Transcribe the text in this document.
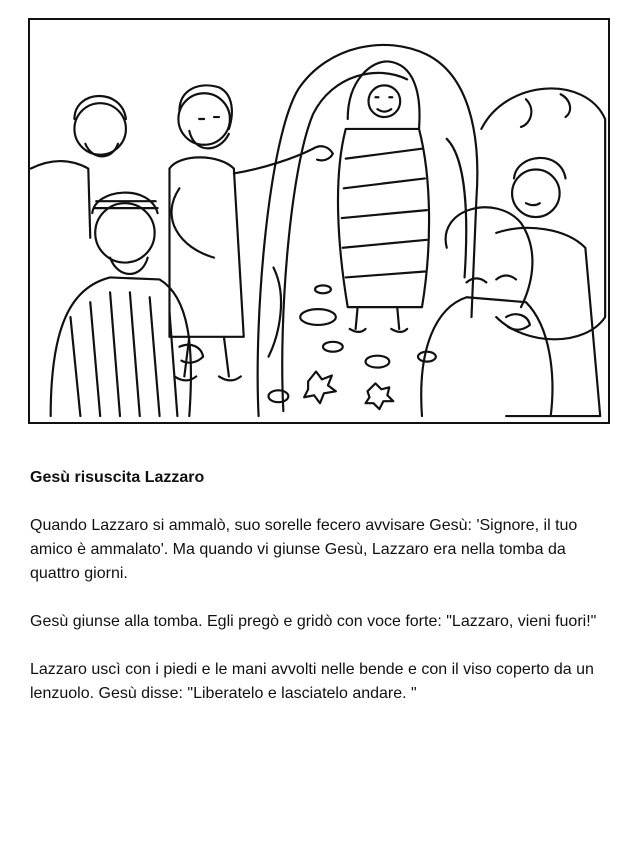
Gesù risuscita Lazzaro

Quando Lazzaro si ammalò, suo sorelle fecero avvisare Gesù: 'Signore, il tuo amico è ammalato'. Ma quando vi giunse Gesù, Lazzaro era nella tomba da quattro giorni.

Gesù giunse alla tomba. Egli pregò e gridò con voce forte: "Lazzaro, vieni fuori!"

Lazzaro uscì con i piedi e le mani avvolti nelle bende e con il viso coperto da un lenzuolo. Gesù disse: "Liberatelo e lasciatelo andare. "
